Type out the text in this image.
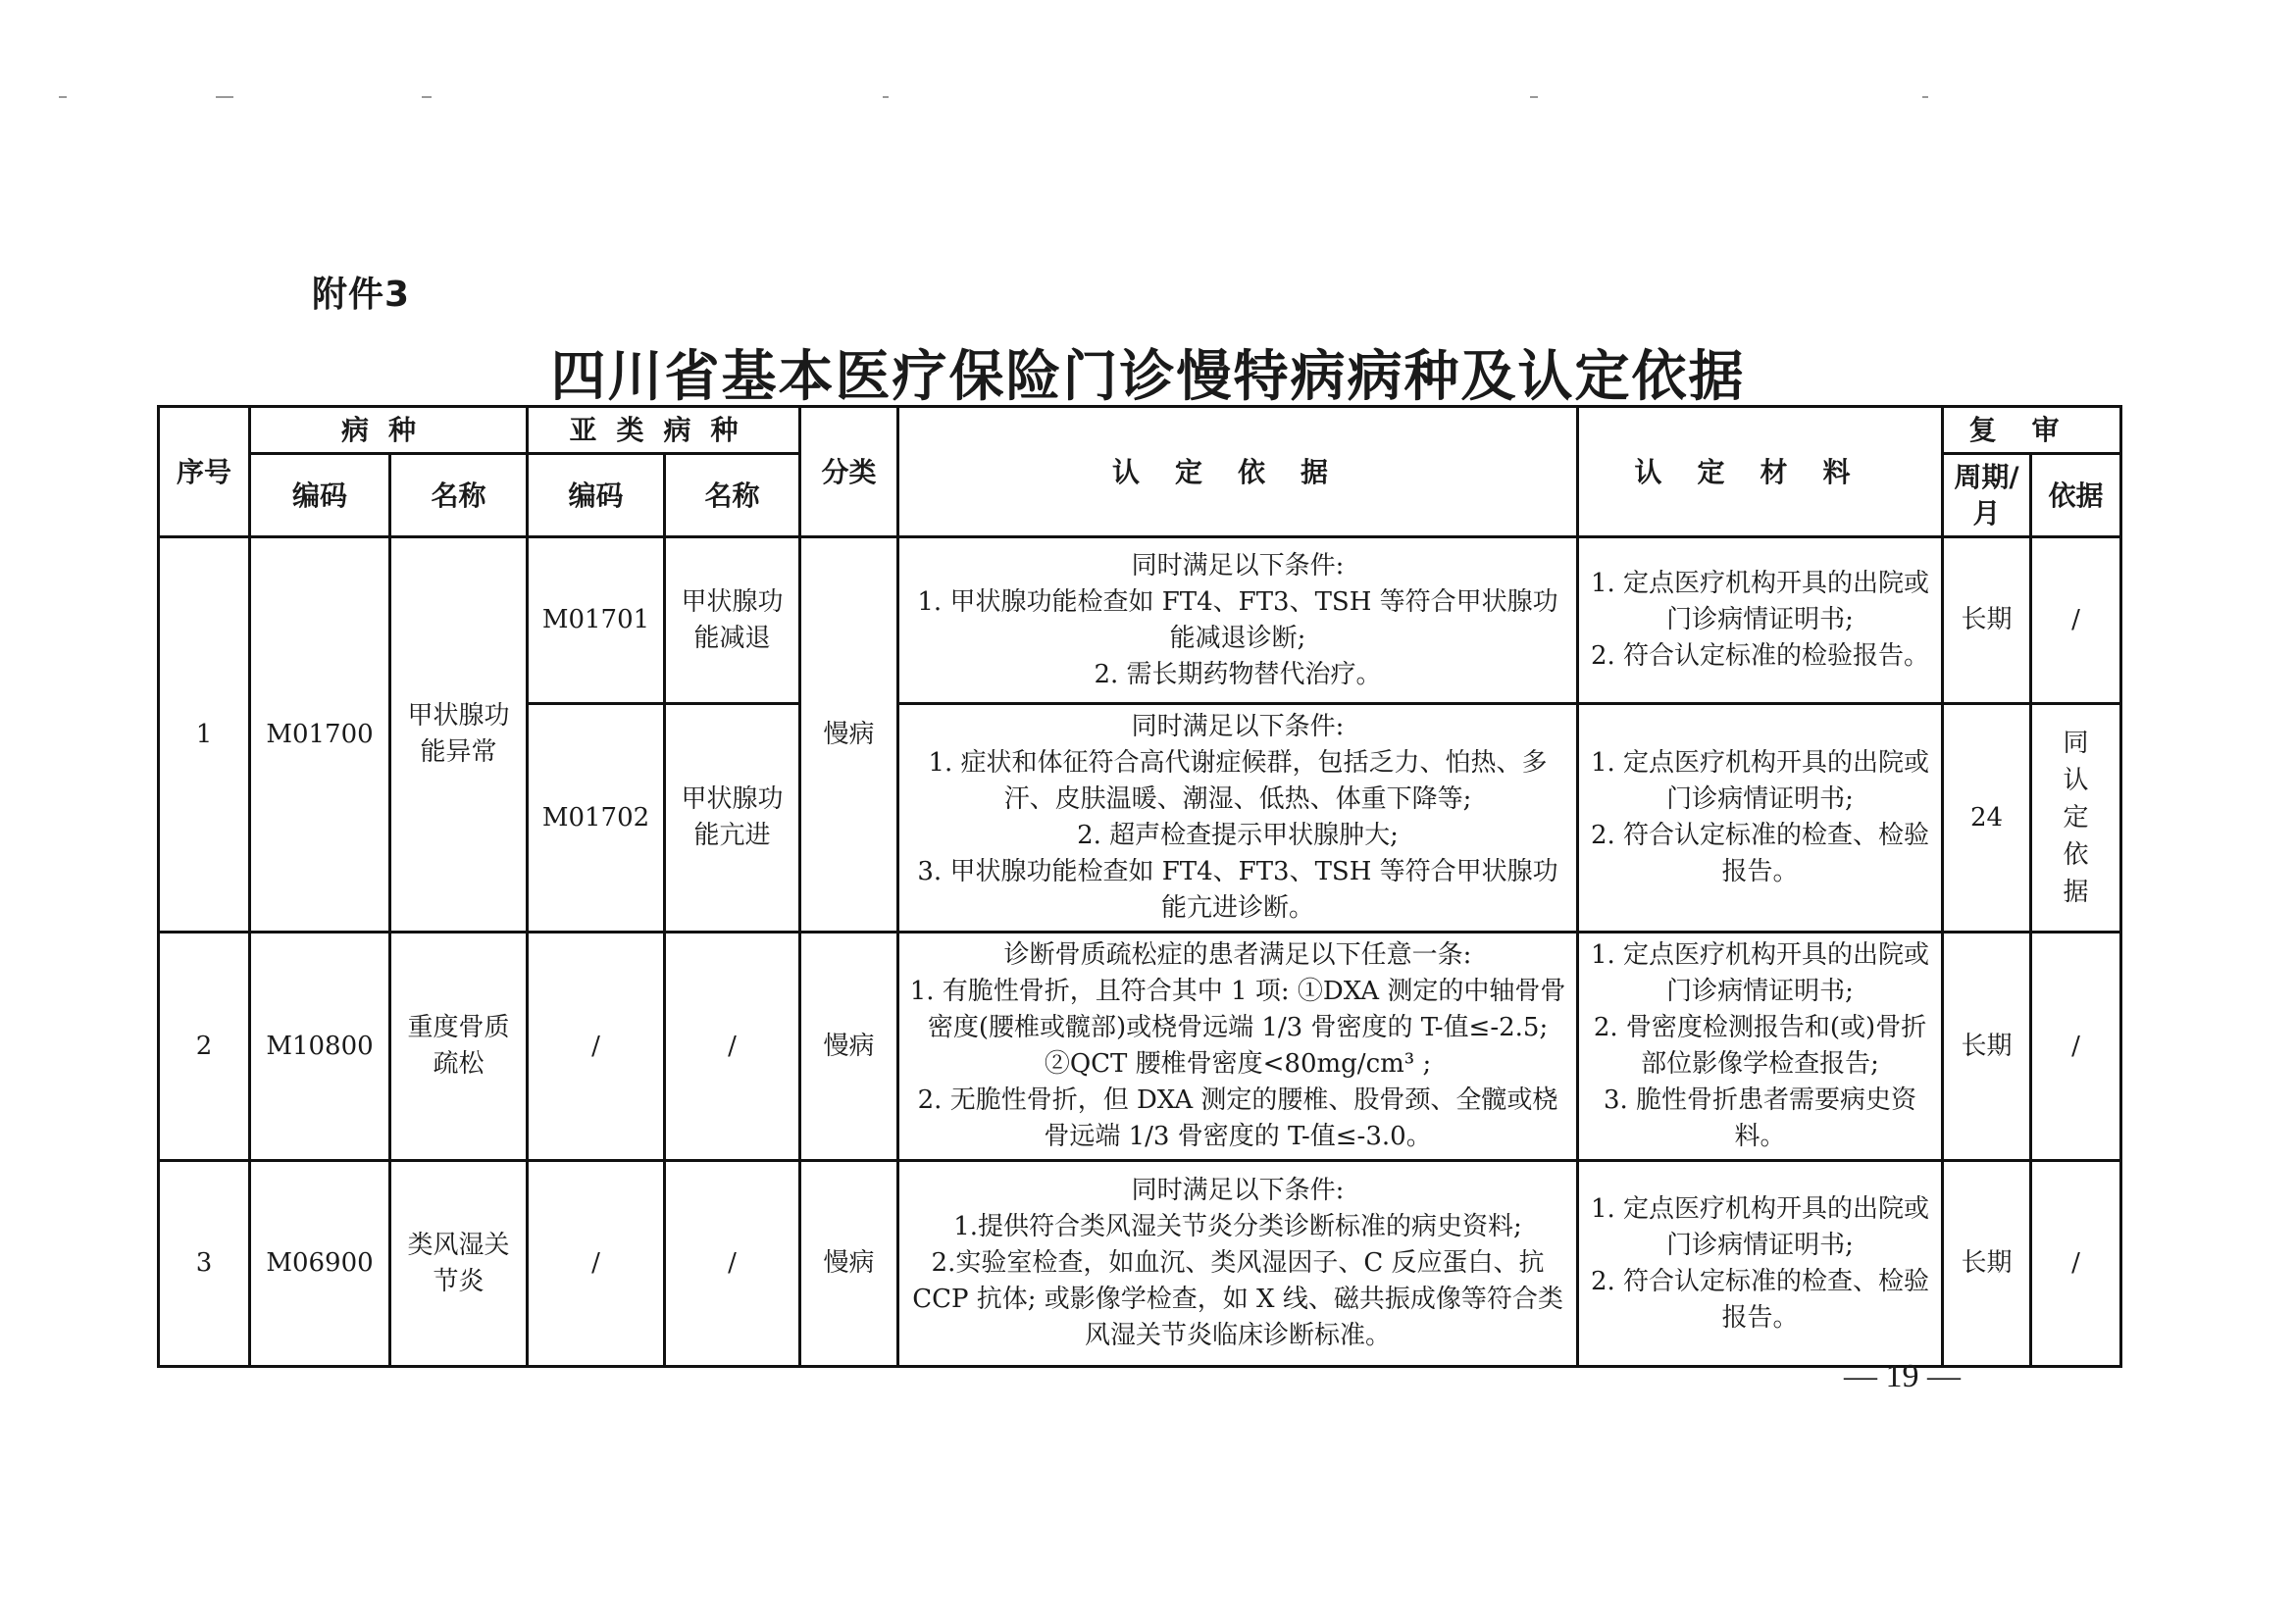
附件3
四川省基本医疗保险门诊慢特病病种及认定依据
序号	病种		亚类病种		分类	认定依据	认定材料	复审	
	编码	名称	编码	名称				周期/月	依据
1	M01700	甲状腺功能异常	M01701	甲状腺功能减退	慢病	同时满足以下条件:
1. 甲状腺功能检查如 FT4、FT3、TSH 等符合甲状腺功能减退诊断;
2. 需长期药物替代治疗。	1. 定点医疗机构开具的出院或门诊病情证明书;
2. 符合认定标准的检验报告。	长期	/
			M01702	甲状腺功能亢进		同时满足以下条件:
1. 症状和体征符合高代谢症候群，包括乏力、怕热、多汗、皮肤温暖、潮湿、低热、体重下降等;
2. 超声检查提示甲状腺肿大;
3. 甲状腺功能检查如 FT4、FT3、TSH 等符合甲状腺功能亢进诊断。	1. 定点医疗机构开具的出院或门诊病情证明书;
2. 符合认定标准的检查、检验报告。	24	同认定依据

2	M10800	重度骨质疏松	/	/	慢病	诊断骨质疏松症的患者满足以下任意一条:
1. 有脆性骨折，且符合其中 1 项: ①DXA 测定的中轴骨骨密度(腰椎或髋部)或桡骨远端 1/3 骨密度的 T-值≤-2.5; ②QCT 腰椎骨密度<80mg/cm³ ;
2. 无脆性骨折，但 DXA 测定的腰椎、股骨颈、全髋或桡骨远端 1/3 骨密度的 T-值≤-3.0。	1. 定点医疗机构开具的出院或门诊病情证明书;
2. 骨密度检测报告和(或)骨折部位影像学检查报告;
3. 脆性骨折患者需要病史资料。	长期	/
3	M06900	类风湿关节炎	/	/	慢病	同时满足以下条件:
1.提供符合类风湿关节炎分类诊断标准的病史资料;
2.实验室检查，如血沉、类风湿因子、C 反应蛋白、抗 CCP 抗体; 或影像学检查，如 X 线、磁共振成像等符合类风湿关节炎临床诊断标准。	1. 定点医疗机构开具的出院或门诊病情证明书;
2. 符合认定标准的检查、检验报告。	长期	/
— 19 —
